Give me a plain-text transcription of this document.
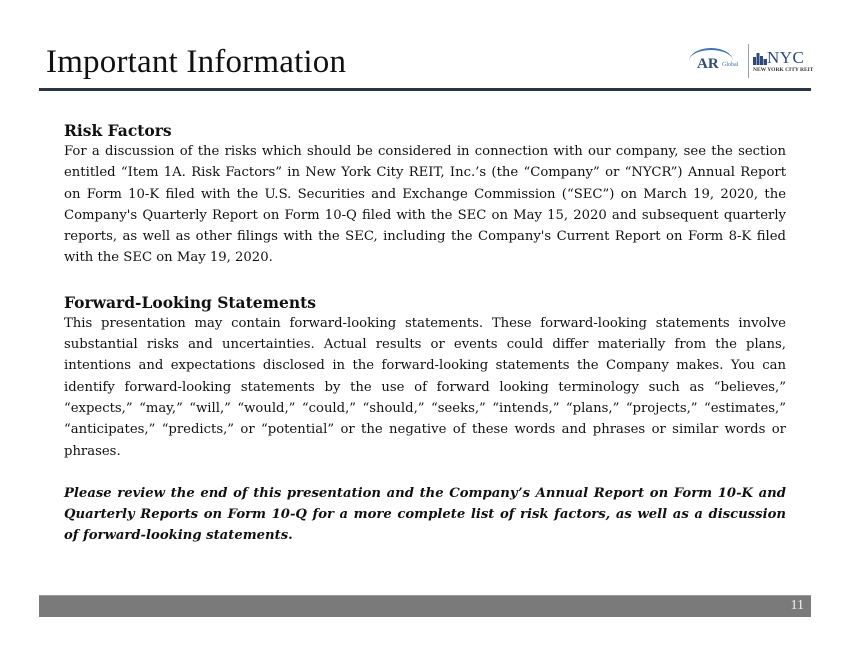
Important Information	AR Global NYC
NEW YORK CITY REIT
Risk Factors

For a discussion of the risks which should be considered in connection with our company, see the section entitled “Item 1A. Risk Factors” in New York City REIT, Inc.’s (the “Company” or “NYCR”) Annual Report on Form 10-K filed with the U.S. Securities and Exchange Commission (“SEC”) on March 19, 2020, the Company's Quarterly Report on Form 10-Q filed with the SEC on May 15, 2020 and subsequent quarterly reports, as well as other filings with the SEC, including the Company's Current Report on Form 8-K filed with the SEC on May 19, 2020.

Forward-Looking Statements

This presentation may contain forward-looking statements. These forward-looking statements involve substantial risks and uncertainties. Actual results or events could differ materially from the plans, intentions and expectations disclosed in the forward-looking statements the Company makes. You can identify forward-looking statements by the use of forward looking terminology such as “believes,” “expects,” “may,” “will,” “would,” “could,” “should,” “seeks,” “intends,” “plans,” “projects,” “estimates,” “anticipates,” “predicts,” or “potential” or the negative of these words and phrases or similar words or phrases.

Please review the end of this presentation and the Company’s Annual Report on Form 10-K and Quarterly Reports on Form 10-Q for a more complete list of risk factors, as well as a discussion of forward-looking statements.

11
